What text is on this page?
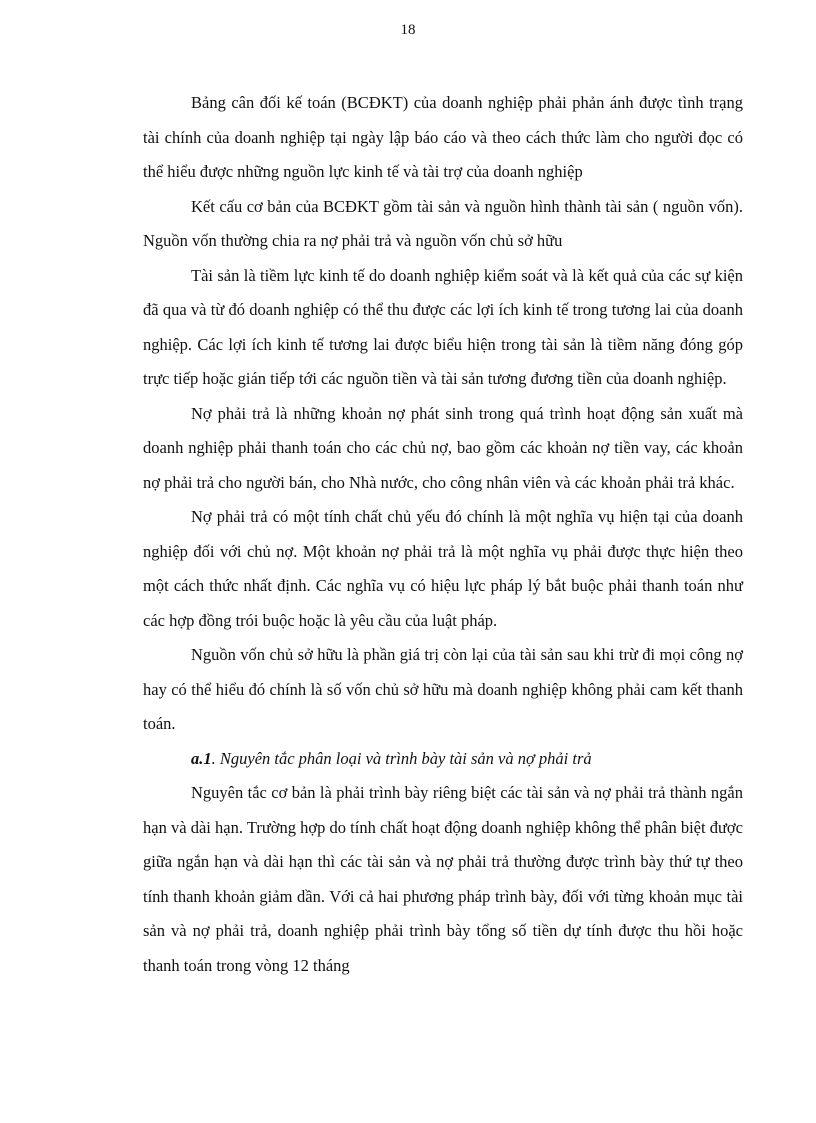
18

Bảng cân đối kế toán (BCĐKT) của doanh nghiệp phải phản ánh được tình trạng tài chính của doanh nghiệp tại ngày lập báo cáo và theo cách thức làm cho người đọc có thể hiểu được những nguồn lực kinh tế và tài trợ của doanh nghiệp

Kết cấu cơ bản của BCĐKT gồm tài sản và nguồn hình thành tài sản ( nguồn vốn). Nguồn vốn thường chia ra nợ phải trả và nguồn vốn chủ sở hữu

Tài sản là tiềm lực kinh tế do doanh nghiệp kiểm soát và là kết quả của các sự kiện đã qua và từ đó doanh nghiệp có thể thu được các lợi ích kinh tế trong tương lai của doanh nghiệp. Các lợi ích kinh tế tương lai được biểu hiện trong tài sản là tiềm năng đóng góp trực tiếp hoặc gián tiếp tới các nguồn tiền và tài sản tương đương tiền của doanh nghiệp.

Nợ phải trả là những khoản nợ phát sinh trong quá trình hoạt động sản xuất mà doanh nghiệp phải thanh toán cho các chủ nợ, bao gồm các khoản nợ tiền vay, các khoản nợ phải trả cho người bán, cho Nhà nước, cho công nhân viên và các khoản phải trả khác.

Nợ phải trả có một tính chất chủ yếu đó chính là một nghĩa vụ hiện tại của doanh nghiệp đối với chủ nợ. Một khoản nợ phải trả là một nghĩa vụ phải được thực hiện theo một cách thức nhất định. Các nghĩa vụ có hiệu lực pháp lý bắt buộc phải thanh toán như các hợp đồng trói buộc hoặc là yêu cầu của luật pháp.

Nguồn vốn chủ sở hữu là phần giá trị còn lại của tài sản sau khi trừ đi mọi công nợ hay có thể hiểu đó chính là số vốn chủ sở hữu mà doanh nghiệp không phải cam kết thanh toán.

a.1. Nguyên tắc phân loại và trình bày tài sản và nợ phải trả

Nguyên tắc cơ bản là phải trình bày riêng biệt các tài sản và nợ phải trả thành ngắn hạn và dài hạn. Trường hợp do tính chất hoạt động doanh nghiệp không thể phân biệt được giữa ngắn hạn và dài hạn thì các tài sản và nợ phải trả thường được trình bày thứ tự theo tính thanh khoản giảm dần. Với cả hai phương pháp trình bày, đối với từng khoản mục tài sản và nợ phải trả, doanh nghiệp phải trình bày tổng số tiền dự tính được thu hồi hoặc thanh toán trong vòng 12 tháng
